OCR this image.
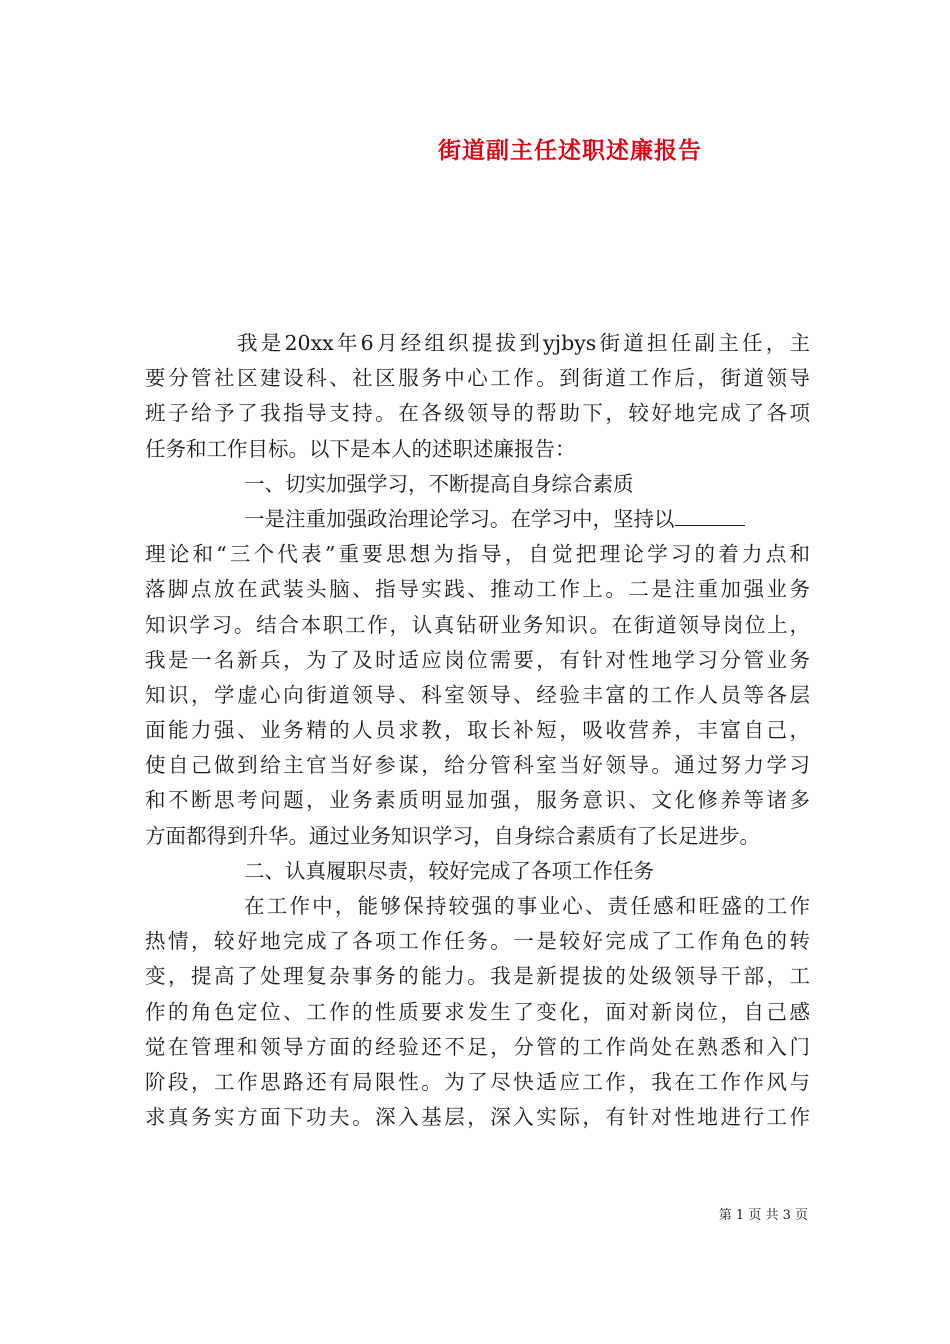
街道副主任述职述廉报告
我是20xx年6月经组织提拔到yjbys街道担任副主任，主
要分管社区建设科、社区服务中心工作。到街道工作后，街道领导
班子给予了我指导支持。在各级领导的帮助下，较好地完成了各项
任务和工作目标。以下是本人的述职述廉报告：
一、切实加强学习，不断提高自身综合素质
一是注重加强政治理论学习。在学习中，坚持以
理论和“三个代表”重要思想为指导，自觉把理论学习的着力点和
落脚点放在武装头脑、指导实践、推动工作上。二是注重加强业务
知识学习。结合本职工作，认真钻研业务知识。在街道领导岗位上，
我是一名新兵，为了及时适应岗位需要，有针对性地学习分管业务
知识，学虚心向街道领导、科室领导、经验丰富的工作人员等各层
面能力强、业务精的人员求教，取长补短，吸收营养，丰富自己，
使自己做到给主官当好参谋，给分管科室当好领导。通过努力学习
和不断思考问题，业务素质明显加强，服务意识、文化修养等诸多
方面都得到升华。通过业务知识学习，自身综合素质有了长足进步。
二、认真履职尽责，较好完成了各项工作任务
在工作中，能够保持较强的事业心、责任感和旺盛的工作
热情，较好地完成了各项工作任务。一是较好完成了工作角色的转
变，提高了处理复杂事务的能力。我是新提拔的处级领导干部，工
作的角色定位、工作的性质要求发生了变化，面对新岗位，自己感
觉在管理和领导方面的经验还不足，分管的工作尚处在熟悉和入门
阶段，工作思路还有局限性。为了尽快适应工作，我在工作作风与
求真务实方面下功夫。深入基层，深入实际，有针对性地进行工作
第 1 页 共 3 页
